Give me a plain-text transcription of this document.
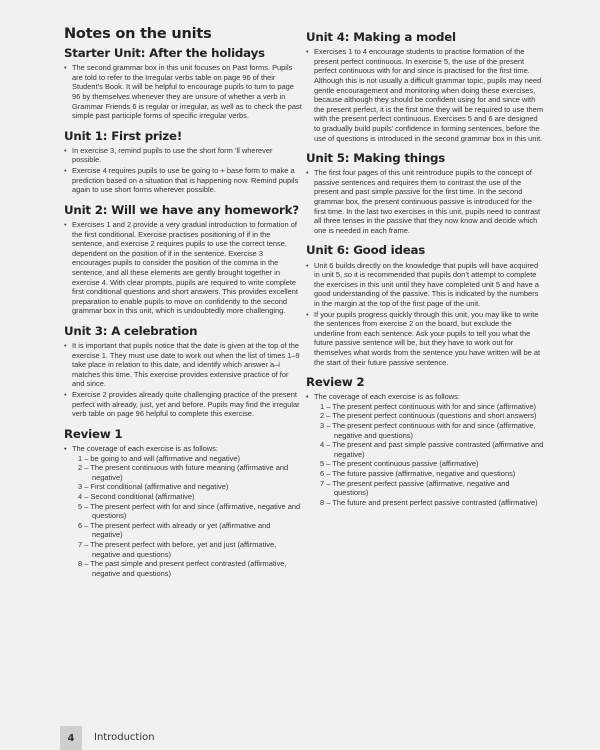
Notes on the units
Starter Unit: After the holidays
• The second grammar box in this unit focuses on Past forms. Pupils are told to refer to the Irregular verbs table on page 96 of their Student’s Book. It will be helpful to encourage pupils to turn to page 96 by themselves whenever they are unsure of whether a verb in Grammar Friends 6 is regular or irregular, as well as to check the past simple past participle forms of specific irregular verbs.
Unit 1: First prize!
• In exercise 3, remind pupils to use the short form ’ll wherever possible.
• Exercise 4 requires pupils to use be going to + base form to make a prediction based on a situation that is happening now. Remind pupils again to use short forms wherever possible.
Unit 2: Will we have any homework?
• Exercises 1 and 2 provide a very gradual introduction to formation of the first conditional. Exercise practises positioning of if in the sentence, and exercise 2 requires pupils to use the correct tense, dependent on the position of if in the sentence. Exercise 3 encourages pupils to consider the position of the comma in the sentence, and all these elements are gently brought together in exercise 4. With clear prompts, pupils are required to write complete first conditional questions and short answers. This provides excellent preparation to enable pupils to move on confidently to the second grammar box in this unit, which is undoubtedly more challenging.
Unit 3: A celebration
• It is important that pupils notice that the date is given at the top of the exercise 1. They must use date to work out when the list of times 1–9 take place in relation to this date, and identify which answer a–i matches this time. This exercise provides extensive practice of for and since.
• Exercise 2 provides already quite challenging practice of the present perfect with already, just, yet and before. Pupils may find the irregular verb table on page 96 helpful to complete this exercise.
Review 1
• The coverage of each exercise is as follows:
1 – be going to and will (affirmative and negative)
2 – The present continuous with future meaning (affirmative and negative)
3 – First conditional (affirmative and negative)
4 – Second conditional (affirmative)
5 – The present perfect with for and since (affirmative, negative and questions)
6 – The present perfect with already or yet (affirmative and negative)
7 – The present perfect with before, yet and just (affirmative, negative and questions)
8 – The past simple and present perfect contrasted (affirmative, negative and questions)
Unit 4: Making a model
• Exercises 1 to 4 encourage students to practise formation of the present perfect continuous. In exercise 5, the use of the present perfect continuous with for and since is practised for the first time. Although this is not usually a difficult grammar topic, pupils may need gentle encouragement and monitoring when doing these exercises, because although they should be confident using for and since with the present perfect, it is the first time they will be required to use them with the present perfect continuous. Exercises 5 and 6 are designed to gradually build pupils’ confidence in forming sentences, before the use of questions is introduced in the second grammar box in this unit.
Unit 5: Making things
• The first four pages of this unit reintroduce pupils to the concept of passive sentences and requires them to contrast the use of the present and past simple passive for the first time. In the second grammar box, the present continuous passive is introduced for the first time. In the last two exercises in this unit, pupils need to contrast all three tenses in the passive that they now know and decide which one is needed in each frame.
Unit 6: Good ideas
• Unit 6 builds directly on the knowledge that pupils will have acquired in unit 5, so it is recommended that pupils don’t attempt to complete the exercises in this unit until they have completed unit 5 and have a good understanding of the passive. This is indicated by the numbers in the margin at the top of the first page of the unit.
• If your pupils progress quickly through this unit, you may like to write the sentences from exercise 2 on the board, but exclude the underline from each sentence. Ask your pupils to tell you what the future passive sentence will be, but they have to work out for themselves what words from the sentence you have written will be at the start of their future passive sentence.
Review 2
• The coverage of each exercise is as follows:
1 – The present perfect continuous with for and since (affirmative)
2 – The present perfect continuous (questions and short answers)
3 – The present perfect continuous with for and since (affirmative, negative and questions)
4 – The present and past simple passive contrasted (affirmative and negative)
5 – The present continuous passive (affirmative)
6 – The future passive (affirmative, negative and questions)
7 – The present perfect passive (affirmative, negative and questions)
8 – The future and present perfect passive contrasted (affirmative)
4	Introduction
